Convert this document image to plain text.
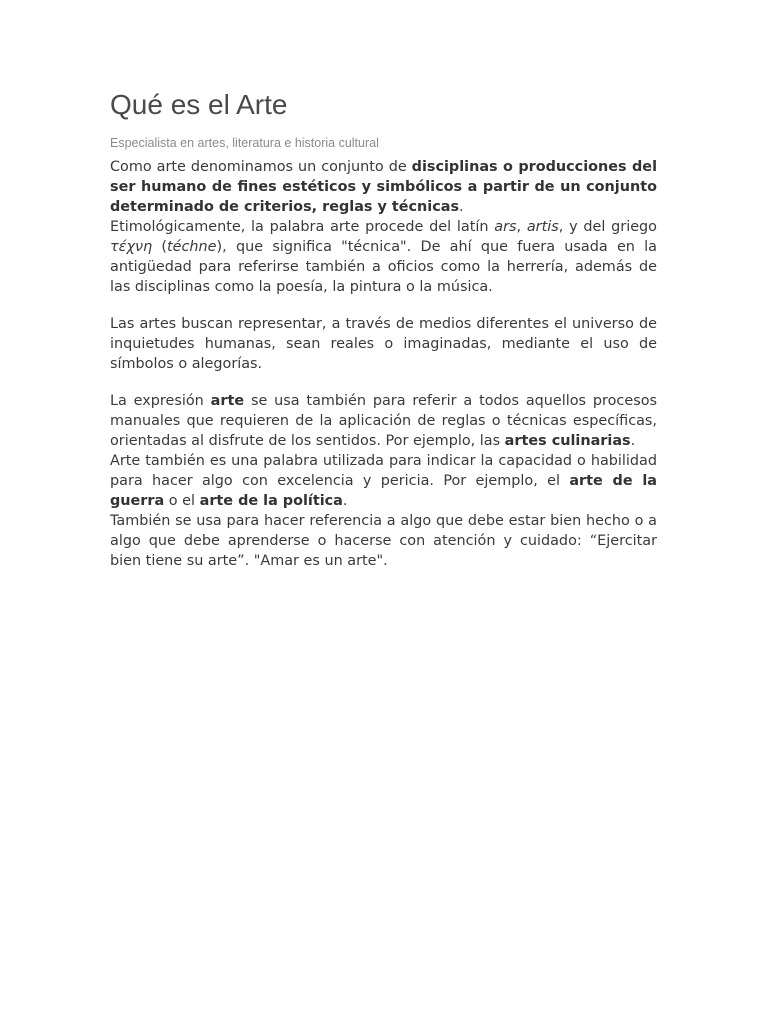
Qué es el Arte
Especialista en artes, literatura e historia cultural

Como arte denominamos un conjunto de disciplinas o producciones del ser humano de fines estéticos y simbólicos a partir de un conjunto determinado de criterios, reglas y técnicas.

Etimológicamente, la palabra arte procede del latín ars, artis, y del griego τέχνη (téchne), que significa "técnica". De ahí que fuera usada en la antigüedad para referirse también a oficios como la herrería, además de las disciplinas como la poesía, la pintura o la música.

Las artes buscan representar, a través de medios diferentes el universo de inquietudes humanas, sean reales o imaginadas, mediante el uso de símbolos o alegorías.

La expresión arte se usa también para referir a todos aquellos procesos manuales que requieren de la aplicación de reglas o técnicas específicas, orientadas al disfrute de los sentidos. Por ejemplo, las artes culinarias.

Arte también es una palabra utilizada para indicar la capacidad o habilidad para hacer algo con excelencia y pericia. Por ejemplo, el arte de la guerra o el arte de la política.

También se usa para hacer referencia a algo que debe estar bien hecho o a algo que debe aprenderse o hacerse con atención y cuidado: “Ejercitar bien tiene su arte”. "Amar es un arte".
